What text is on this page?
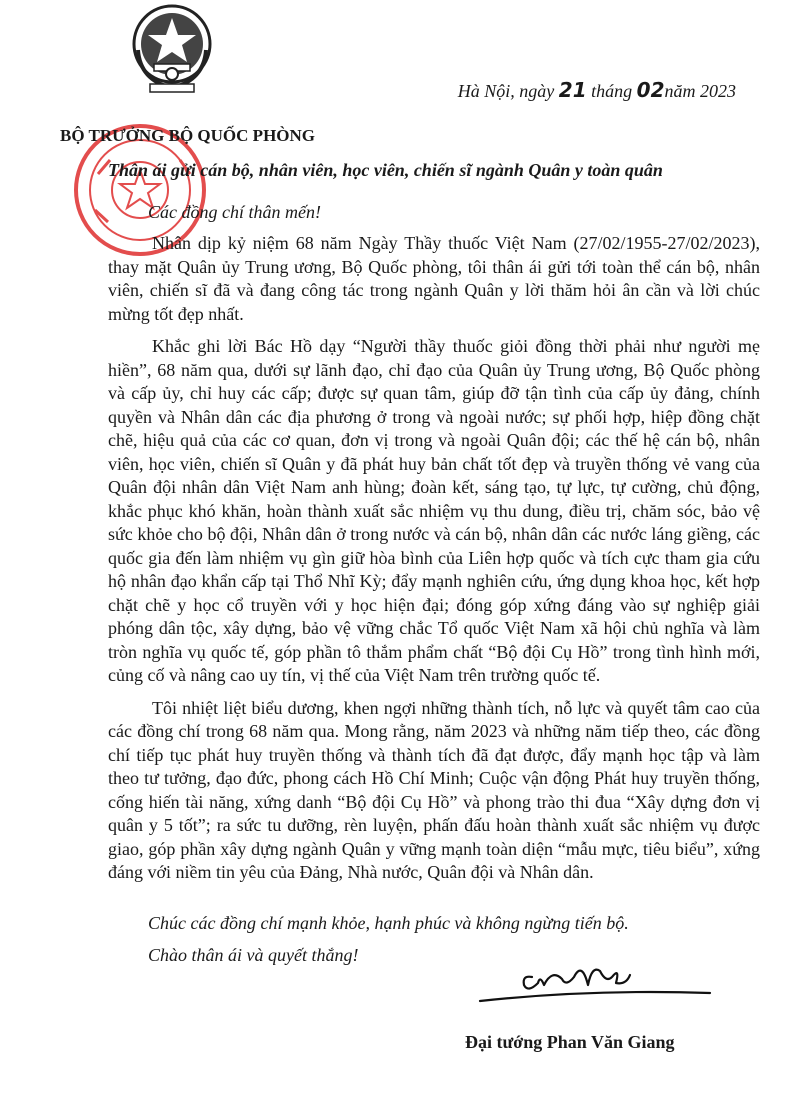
Hà Nội, ngày 21 tháng 02năm 2023
BỘ TRƯỞNG BỘ QUỐC PHÒNG
Thân ái gửi cán bộ, nhân viên, học viên, chiến sĩ ngành Quân y toàn quân
Các đồng chí thân mến!

Nhân dịp kỷ niệm 68 năm Ngày Thầy thuốc Việt Nam (27/02/1955-27/02/2023), thay mặt Quân ủy Trung ương, Bộ Quốc phòng, tôi thân ái gửi tới toàn thể cán bộ, nhân viên, chiến sĩ đã và đang công tác trong ngành Quân y lời thăm hỏi ân cần và lời chúc mừng tốt đẹp nhất.

Khắc ghi lời Bác Hồ dạy “Người thầy thuốc giỏi đồng thời phải như người mẹ hiền”, 68 năm qua, dưới sự lãnh đạo, chỉ đạo của Quân ủy Trung ương, Bộ Quốc phòng và cấp ủy, chỉ huy các cấp; được sự quan tâm, giúp đỡ tận tình của cấp ủy đảng, chính quyền và Nhân dân các địa phương ở trong và ngoài nước; sự phối hợp, hiệp đồng chặt chẽ, hiệu quả của các cơ quan, đơn vị trong và ngoài Quân đội; các thế hệ cán bộ, nhân viên, học viên, chiến sĩ Quân y đã phát huy bản chất tốt đẹp và truyền thống vẻ vang của Quân đội nhân dân Việt Nam anh hùng; đoàn kết, sáng tạo, tự lực, tự cường, chủ động, khắc phục khó khăn, hoàn thành xuất sắc nhiệm vụ thu dung, điều trị, chăm sóc, bảo vệ sức khỏe cho bộ đội, Nhân dân ở trong nước và cán bộ, nhân dân các nước láng giềng, các quốc gia đến làm nhiệm vụ gìn giữ hòa bình của Liên hợp quốc và tích cực tham gia cứu hộ nhân đạo khẩn cấp tại Thổ Nhĩ Kỳ; đẩy mạnh nghiên cứu, ứng dụng khoa học, kết hợp chặt chẽ y học cổ truyền với y học hiện đại; đóng góp xứng đáng vào sự nghiệp giải phóng dân tộc, xây dựng, bảo vệ vững chắc Tổ quốc Việt Nam xã hội chủ nghĩa và làm tròn nghĩa vụ quốc tế, góp phần tô thắm phẩm chất “Bộ đội Cụ Hồ” trong tình hình mới, củng cố và nâng cao uy tín, vị thế của Việt Nam trên trường quốc tế.

Tôi nhiệt liệt biểu dương, khen ngợi những thành tích, nỗ lực và quyết tâm cao của các đồng chí trong 68 năm qua. Mong rằng, năm 2023 và những năm tiếp theo, các đồng chí tiếp tục phát huy truyền thống và thành tích đã đạt được, đẩy mạnh học tập và làm theo tư tưởng, đạo đức, phong cách Hồ Chí Minh; Cuộc vận động Phát huy truyền thống, cống hiến tài năng, xứng danh “Bộ đội Cụ Hồ” và phong trào thi đua “Xây dựng đơn vị quân y 5 tốt”; ra sức tu dưỡng, rèn luyện, phấn đấu hoàn thành xuất sắc nhiệm vụ được giao, góp phần xây dựng ngành Quân y vững mạnh toàn diện “mẫu mực, tiêu biểu”, xứng đáng với niềm tin yêu của Đảng, Nhà nước, Quân đội và Nhân dân.

Chúc các đồng chí mạnh khỏe, hạnh phúc và không ngừng tiến bộ.
Chào thân ái và quyết thắng!
Đại tướng Phan Văn Giang
